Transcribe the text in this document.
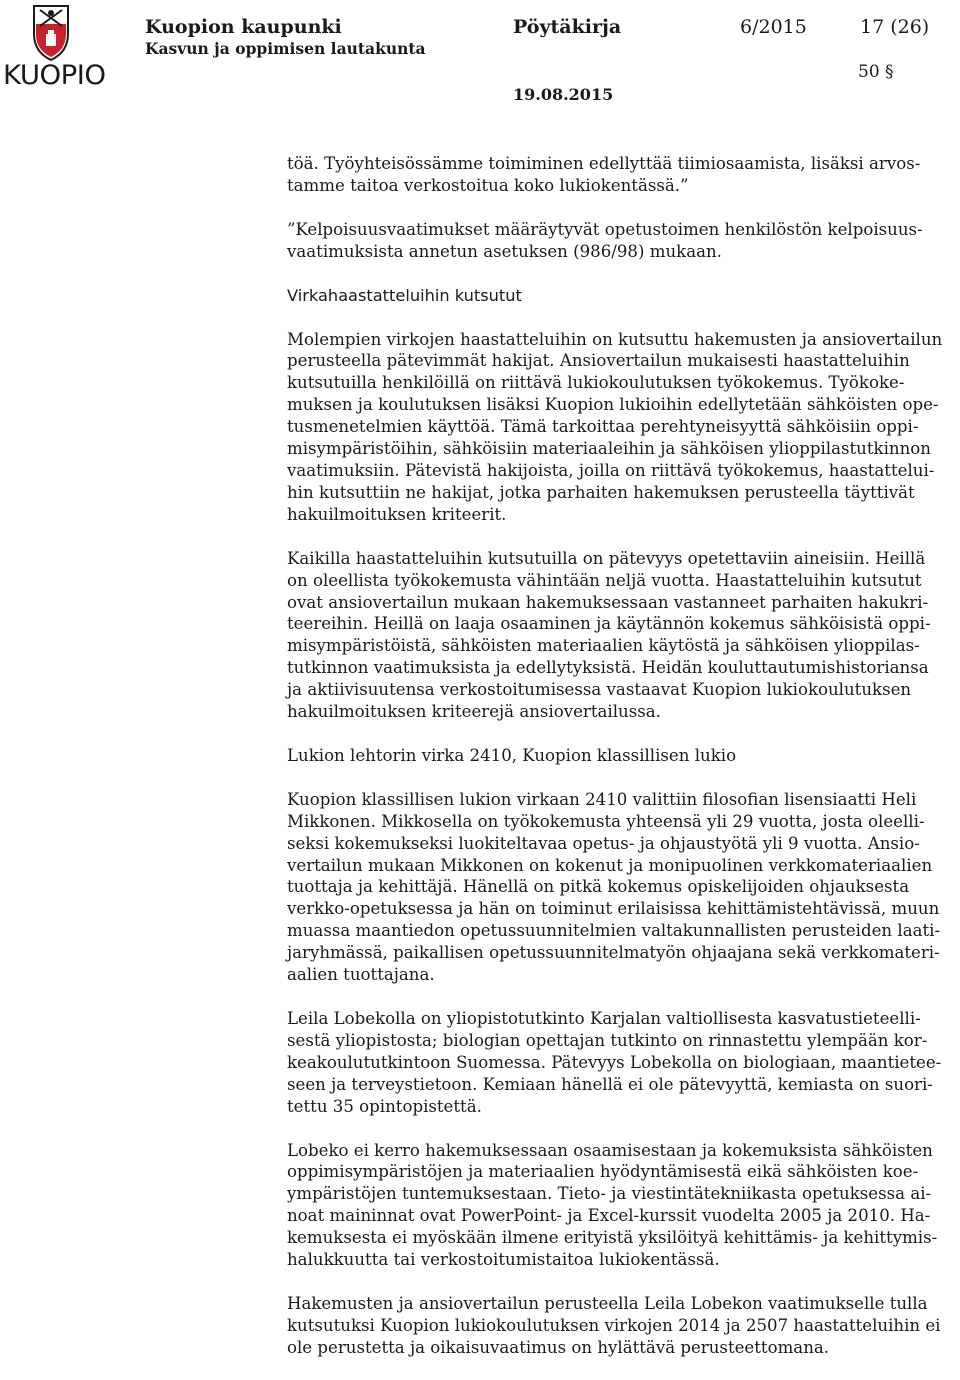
KUOPIO
Kuopion kaupunki
Kasvun ja oppimisen lautakunta
Pöytäkirja	6/2015	17 (26)
50 §
19.08.2015

töä. Työyhteisössämme toimiminen edellyttää tiimiosaamista, lisäksi arvos-
tamme taitoa verkostoitua koko lukiokentässä.”

”Kelpoisuusvaatimukset määräytyvät opetustoimen henkilöstön kelpoisuus-
vaatimuksista annetun asetuksen (986/98) mukaan.

Virkahaastatteluihin kutsutut

Molempien virkojen haastatteluihin on kutsuttu hakemusten ja ansiovertailun
perusteella pätevimmät hakijat. Ansiovertailun mukaisesti haastatteluihin
kutsutuilla henkilöillä on riittävä lukiokoulutuksen työkokemus. Työkoke-
muksen ja koulutuksen lisäksi Kuopion lukioihin edellytetään sähköisten ope-
tusmenetelmien käyttöä. Tämä tarkoittaa perehtyneisyyttä sähköisiin oppi-
misympäristöihin, sähköisiin materiaaleihin ja sähköisen ylioppilastutkinnon
vaatimuksiin. Pätevistä hakijoista, joilla on riittävä työkokemus, haastattelui-
hin kutsuttiin ne hakijat, jotka parhaiten hakemuksen perusteella täyttivät
hakuilmoituksen kriteerit.

Kaikilla haastatteluihin kutsutuilla on pätevyys opetettaviin aineisiin. Heillä
on oleellista työkokemusta vähintään neljä vuotta. Haastatteluihin kutsutut
ovat ansiovertailun mukaan hakemuksessaan vastanneet parhaiten hakukri-
teereihin. Heillä on laaja osaaminen ja käytännön kokemus sähköisistä oppi-
misympäristöistä, sähköisten materiaalien käytöstä ja sähköisen ylioppilas-
tutkinnon vaatimuksista ja edellytyksistä. Heidän kouluttautumishistoriansa
ja aktiivisuutensa verkostoitumisessa vastaavat Kuopion lukiokoulutuksen
hakuilmoituksen kriteerejä ansiovertailussa.

Lukion lehtorin virka 2410, Kuopion klassillisen lukio

Kuopion klassillisen lukion virkaan 2410 valittiin filosofian lisensiaatti Heli
Mikkonen. Mikkosella on työkokemusta yhteensä yli 29 vuotta, josta oleelli-
seksi kokemukseksi luokiteltavaa opetus- ja ohjaustyötä yli 9 vuotta. Ansio-
vertailun mukaan Mikkonen on kokenut ja monipuolinen verkkomateriaalien
tuottaja ja kehittäjä. Hänellä on pitkä kokemus opiskelijoiden ohjauksesta
verkko-opetuksessa ja hän on toiminut erilaisissa kehittämistehtävissä, muun
muassa maantiedon opetussuunnitelmien valtakunnallisten perusteiden laati-
jaryhmässä, paikallisen opetussuunnitelmatyön ohjaajana sekä verkkomateri-
aalien tuottajana.

Leila Lobekolla on yliopistotutkinto Karjalan valtiollisesta kasvatustieteelli-
sestä yliopistosta; biologian opettajan tutkinto on rinnastettu ylempään kor-
keakoulututkintoon Suomessa. Pätevyys Lobekolla on biologiaan, maantietee-
seen ja terveystietoon. Kemiaan hänellä ei ole pätevyyttä, kemiasta on suori-
tettu 35 opintopistettä.

Lobeko ei kerro hakemuksessaan osaamisestaan ja kokemuksista sähköisten
oppimisympäristöjen ja materiaalien hyödyntämisestä eikä sähköisten koe-
ympäristöjen tuntemuksestaan. Tieto- ja viestintätekniikasta opetuksessa ai-
noat maininnat ovat PowerPoint- ja Excel-kurssit vuodelta 2005 ja 2010. Ha-
kemuksesta ei myöskään ilmene erityistä yksilöityä kehittämis- ja kehittymis-
halukkuutta tai verkostoitumistaitoa lukiokentässä.

Hakemusten ja ansiovertailun perusteella Leila Lobekon vaatimukselle tulla
kutsutuksi Kuopion lukiokoulutuksen virkojen 2014 ja 2507 haastatteluihin ei
ole perustetta ja oikaisuvaatimus on hylättävä perusteettomana.
